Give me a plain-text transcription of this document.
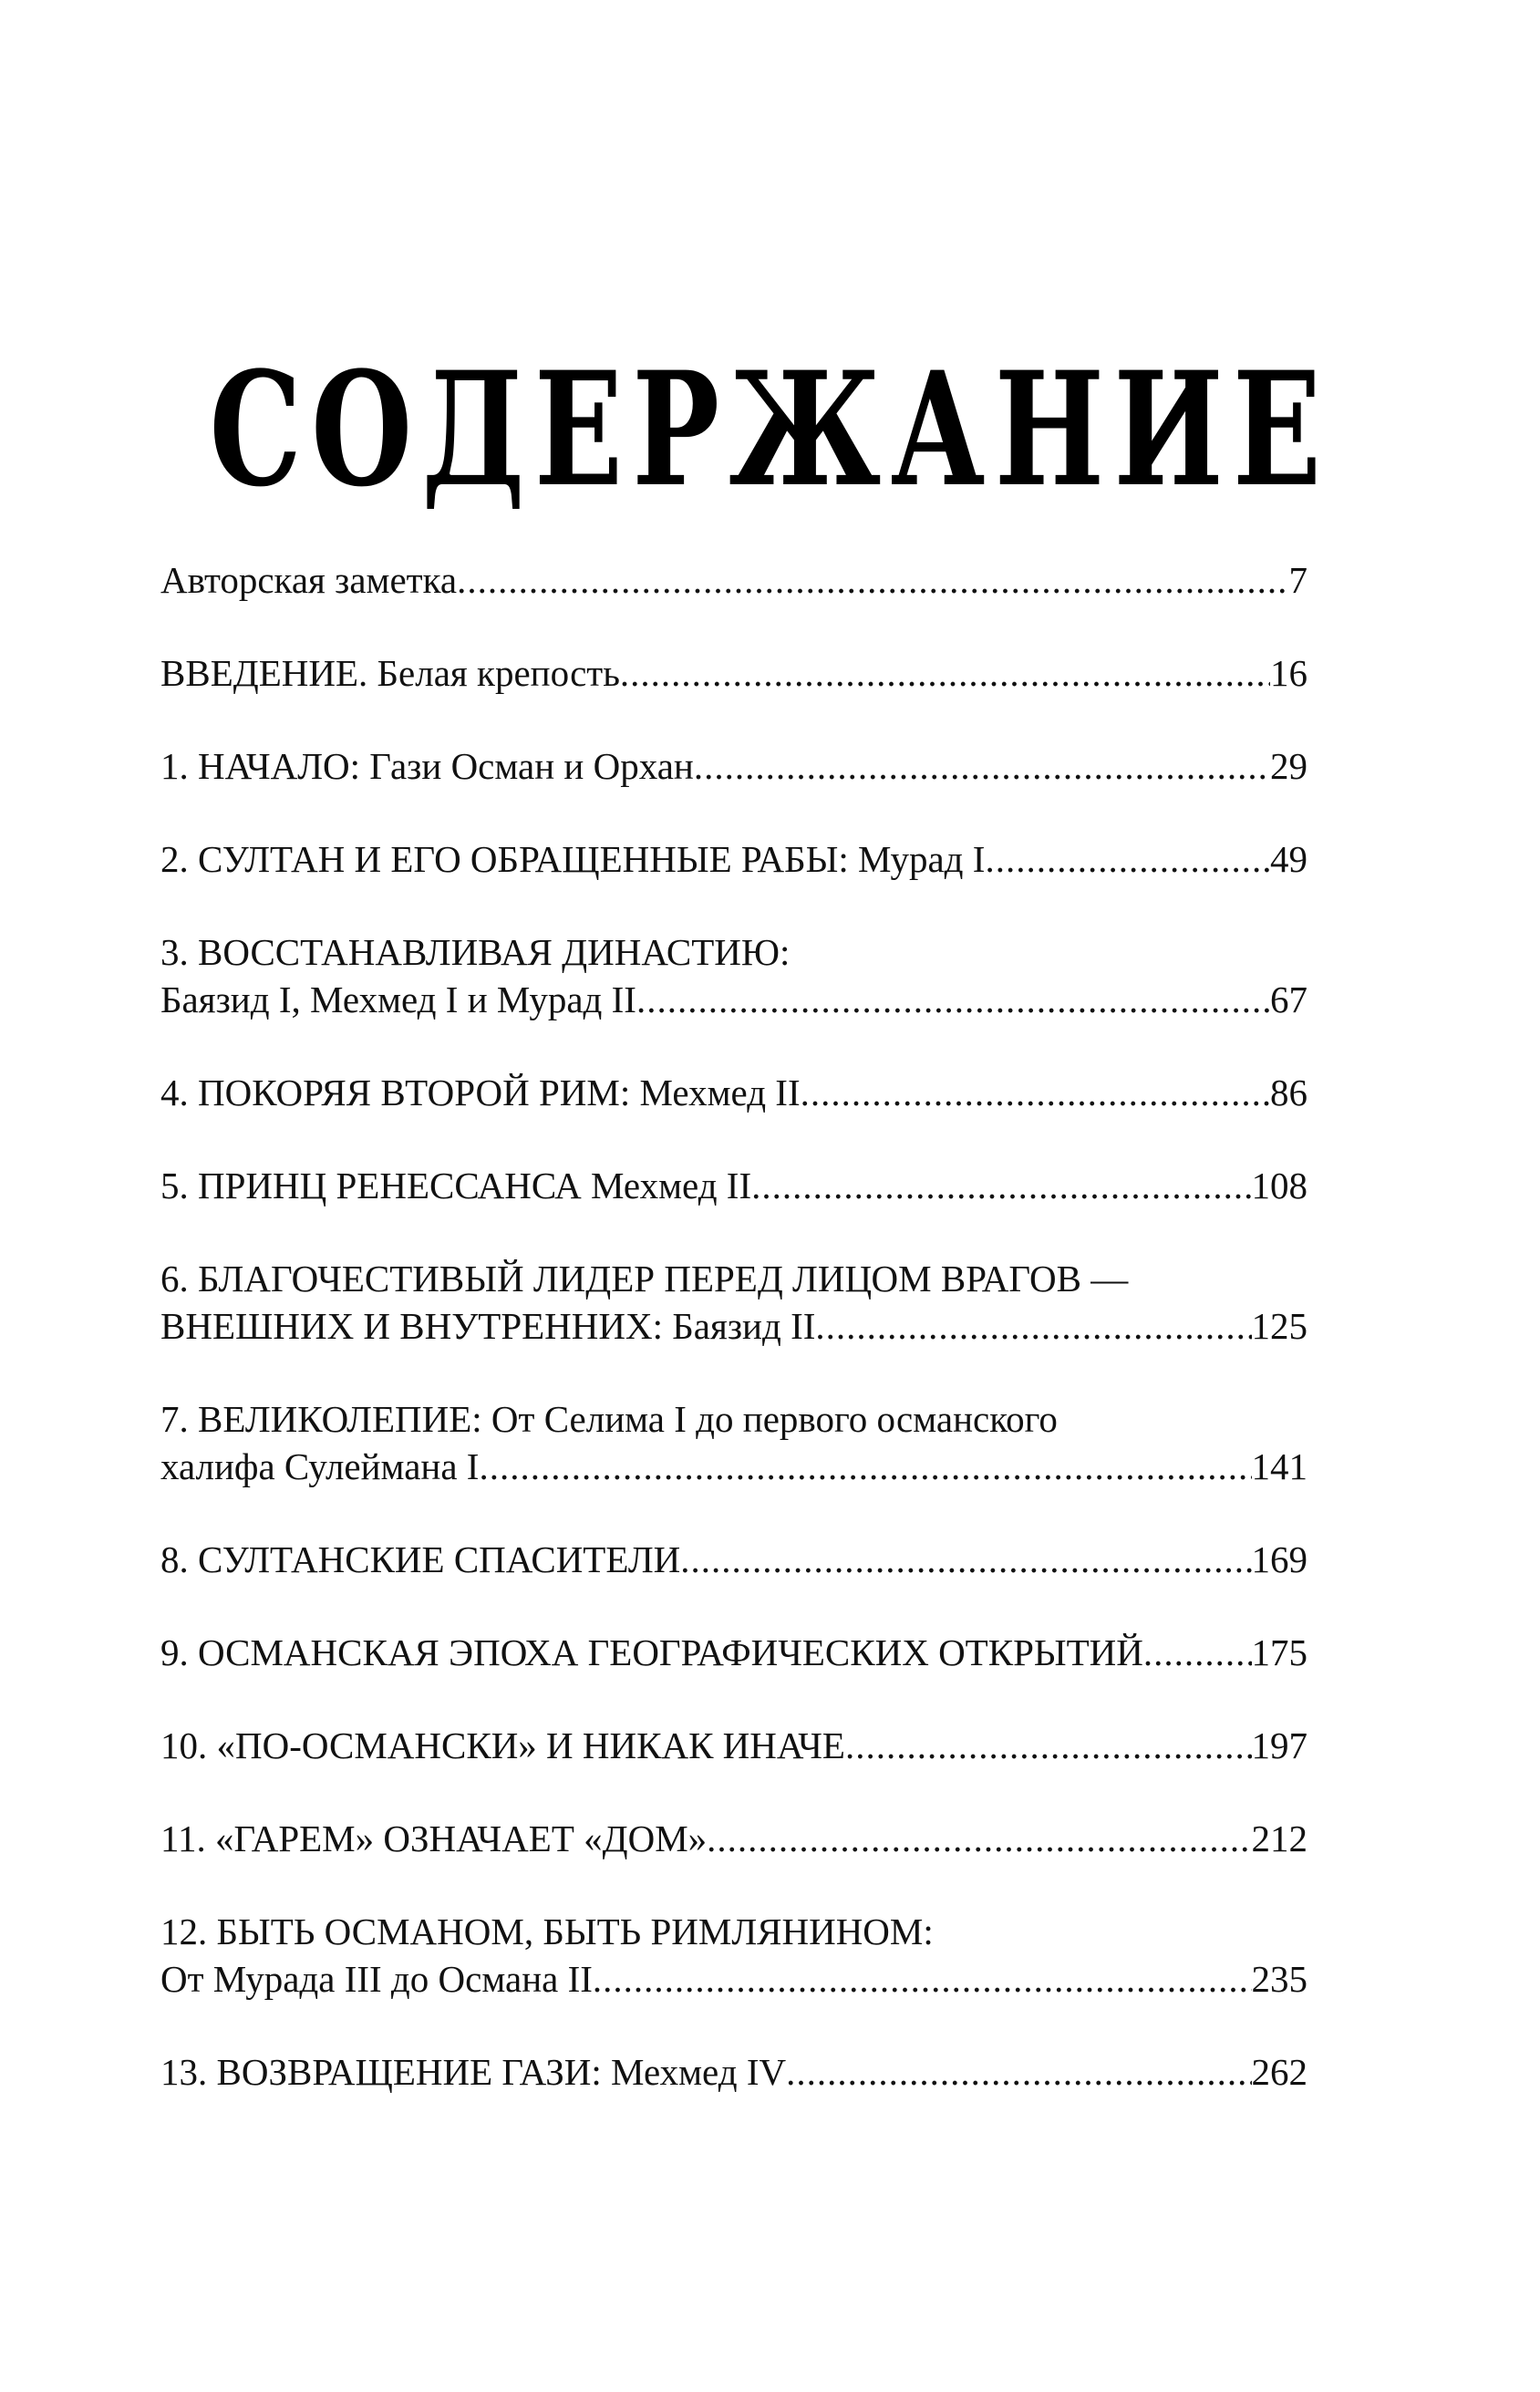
СОДЕРЖАНИЕ
Авторская заметка .....	7
ВВЕДЕНИЕ. Белая крепость .....	16
1. НАЧАЛО: Гази Осман и Орхан .....	29
2. СУЛТАН И ЕГО ОБРАЩЕННЫЕ РАБЫ: Мурад I .....	49
3. ВОССТАНАВЛИВАЯ ДИНАСТИЮ:
Баязид I, Мехмед I и Мурад II .....	67
4. ПОКОРЯЯ ВТОРОЙ РИМ: Мехмед II .....	86
5. ПРИНЦ РЕНЕССАНСА Мехмед II .....	108
6. БЛАГОЧЕСТИВЫЙ ЛИДЕР ПЕРЕД ЛИЦОМ ВРАГОВ —
ВНЕШНИХ И ВНУТРЕННИХ: Баязид II .....	125
7. ВЕЛИКОЛЕПИЕ: От Селима I до первого османского
халифа Сулеймана I .....	141
8. СУЛТАНСКИЕ СПАСИТЕЛИ .....	169
9. ОСМАНСКАЯ ЭПОХА ГЕОГРАФИЧЕСКИХ ОТКРЫТИЙ .....	175
10. «ПО-ОСМАНСКИ» И НИКАК ИНАЧЕ .....	197
11. «ГАРЕМ» ОЗНАЧАЕТ «ДОМ» .....	212
12. БЫТЬ ОСМАНОМ, БЫТЬ РИМЛЯНИНОМ:
От Мурада III до Османа II .....	235
13. ВОЗВРАЩЕНИЕ ГАЗИ: Мехмед IV .....	262
